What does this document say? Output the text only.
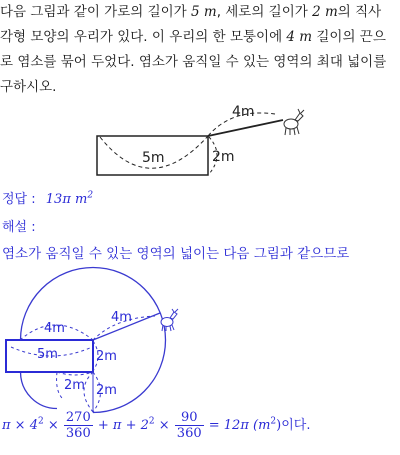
다음 그림과 같이 가로의 길이가 5 m, 세로의 길이가 2 m의 직사
각형 모양의 우리가 있다. 이 우리의 한 모퉁이에 4 m 길이의 끈으
로 염소를 묶어 두었다. 염소가 움직일 수 있는 영역의 최대 넓이를
구하시오.
4m
5m	2m
4m
4m
5m	2m
2m 2m
정답 : 13π $m^2$
해설 :
염소가 움직일 수 있는 영역의 넓이는 다음 그림과 같으므로
$\pi \times 4^2 \times \frac{270}{360} + \pi + 2^2 \times \frac{90}{360} = 12\pi$ $(m^2)$이다.
